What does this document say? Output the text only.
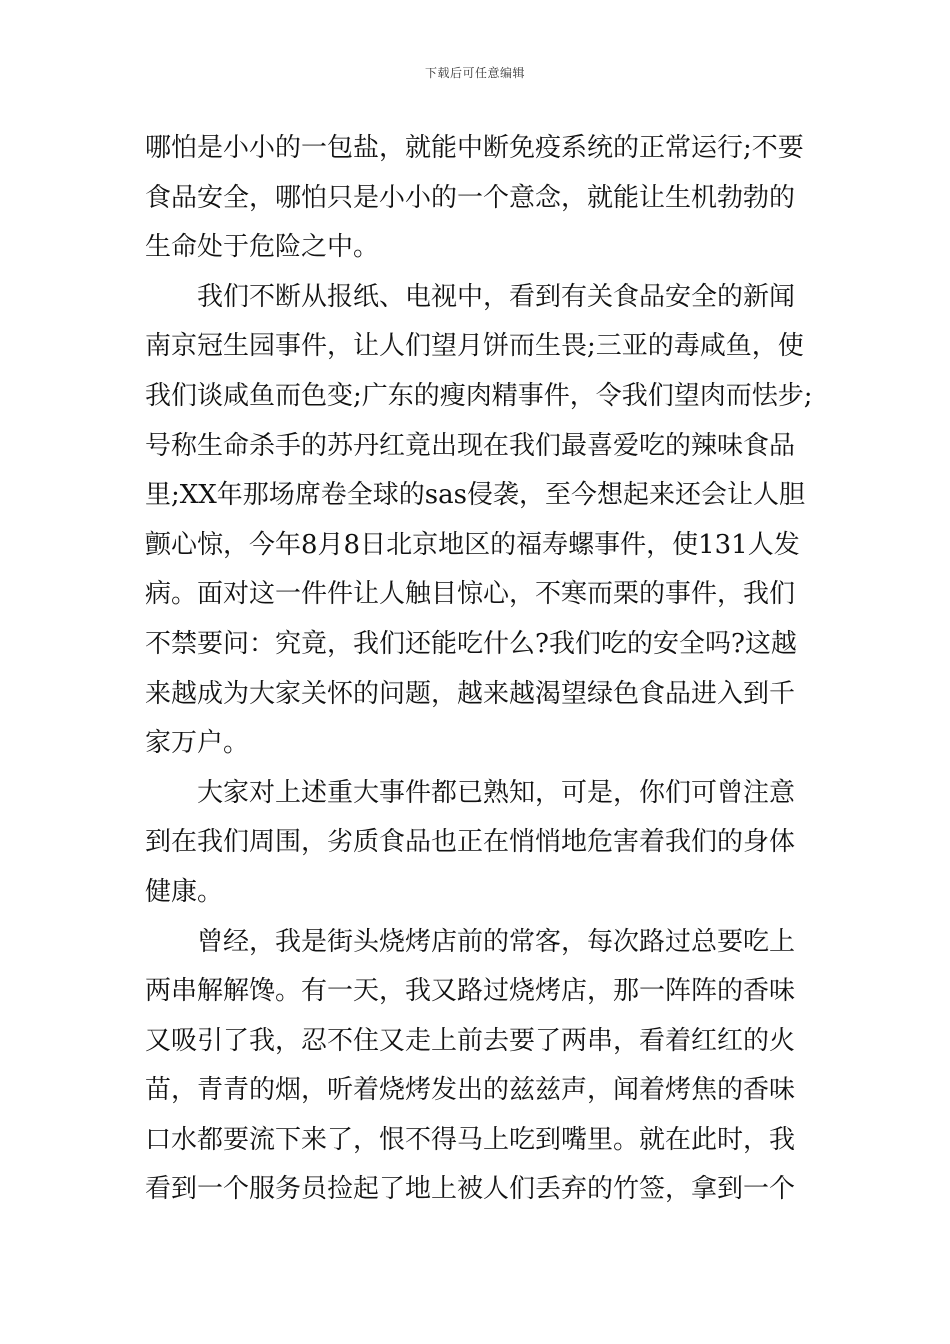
下载后可任意编辑
哪怕是小小的一包盐，就能中断免疫系统的正常运行;不要
食品安全，哪怕只是小小的一个意念，就能让生机勃勃的
生命处于危险之中。
我们不断从报纸、电视中，看到有关食品安全的新闻
南京冠生园事件，让人们望月饼而生畏;三亚的毒咸鱼，使
我们谈咸鱼而色变;广东的瘦肉精事件，令我们望肉而怯步;
号称生命杀手的苏丹红竟出现在我们最喜爱吃的辣味食品
里;XX年那场席卷全球的sas侵袭，至今想起来还会让人胆
颤心惊，今年8月8日北京地区的福寿螺事件，使131人发
病。面对这一件件让人触目惊心，不寒而栗的事件，我们
不禁要问：究竟，我们还能吃什么?我们吃的安全吗?这越
来越成为大家关怀的问题，越来越渴望绿色食品进入到千
家万户。
大家对上述重大事件都已熟知，可是，你们可曾注意
到在我们周围，劣质食品也正在悄悄地危害着我们的身体
健康。
曾经，我是街头烧烤店前的常客，每次路过总要吃上
两串解解馋。有一天，我又路过烧烤店，那一阵阵的香味
又吸引了我，忍不住又走上前去要了两串，看着红红的火
苗，青青的烟，听着烧烤发出的兹兹声，闻着烤焦的香味
口水都要流下来了，恨不得马上吃到嘴里。就在此时，我
看到一个服务员捡起了地上被人们丢弃的竹签，拿到一个
